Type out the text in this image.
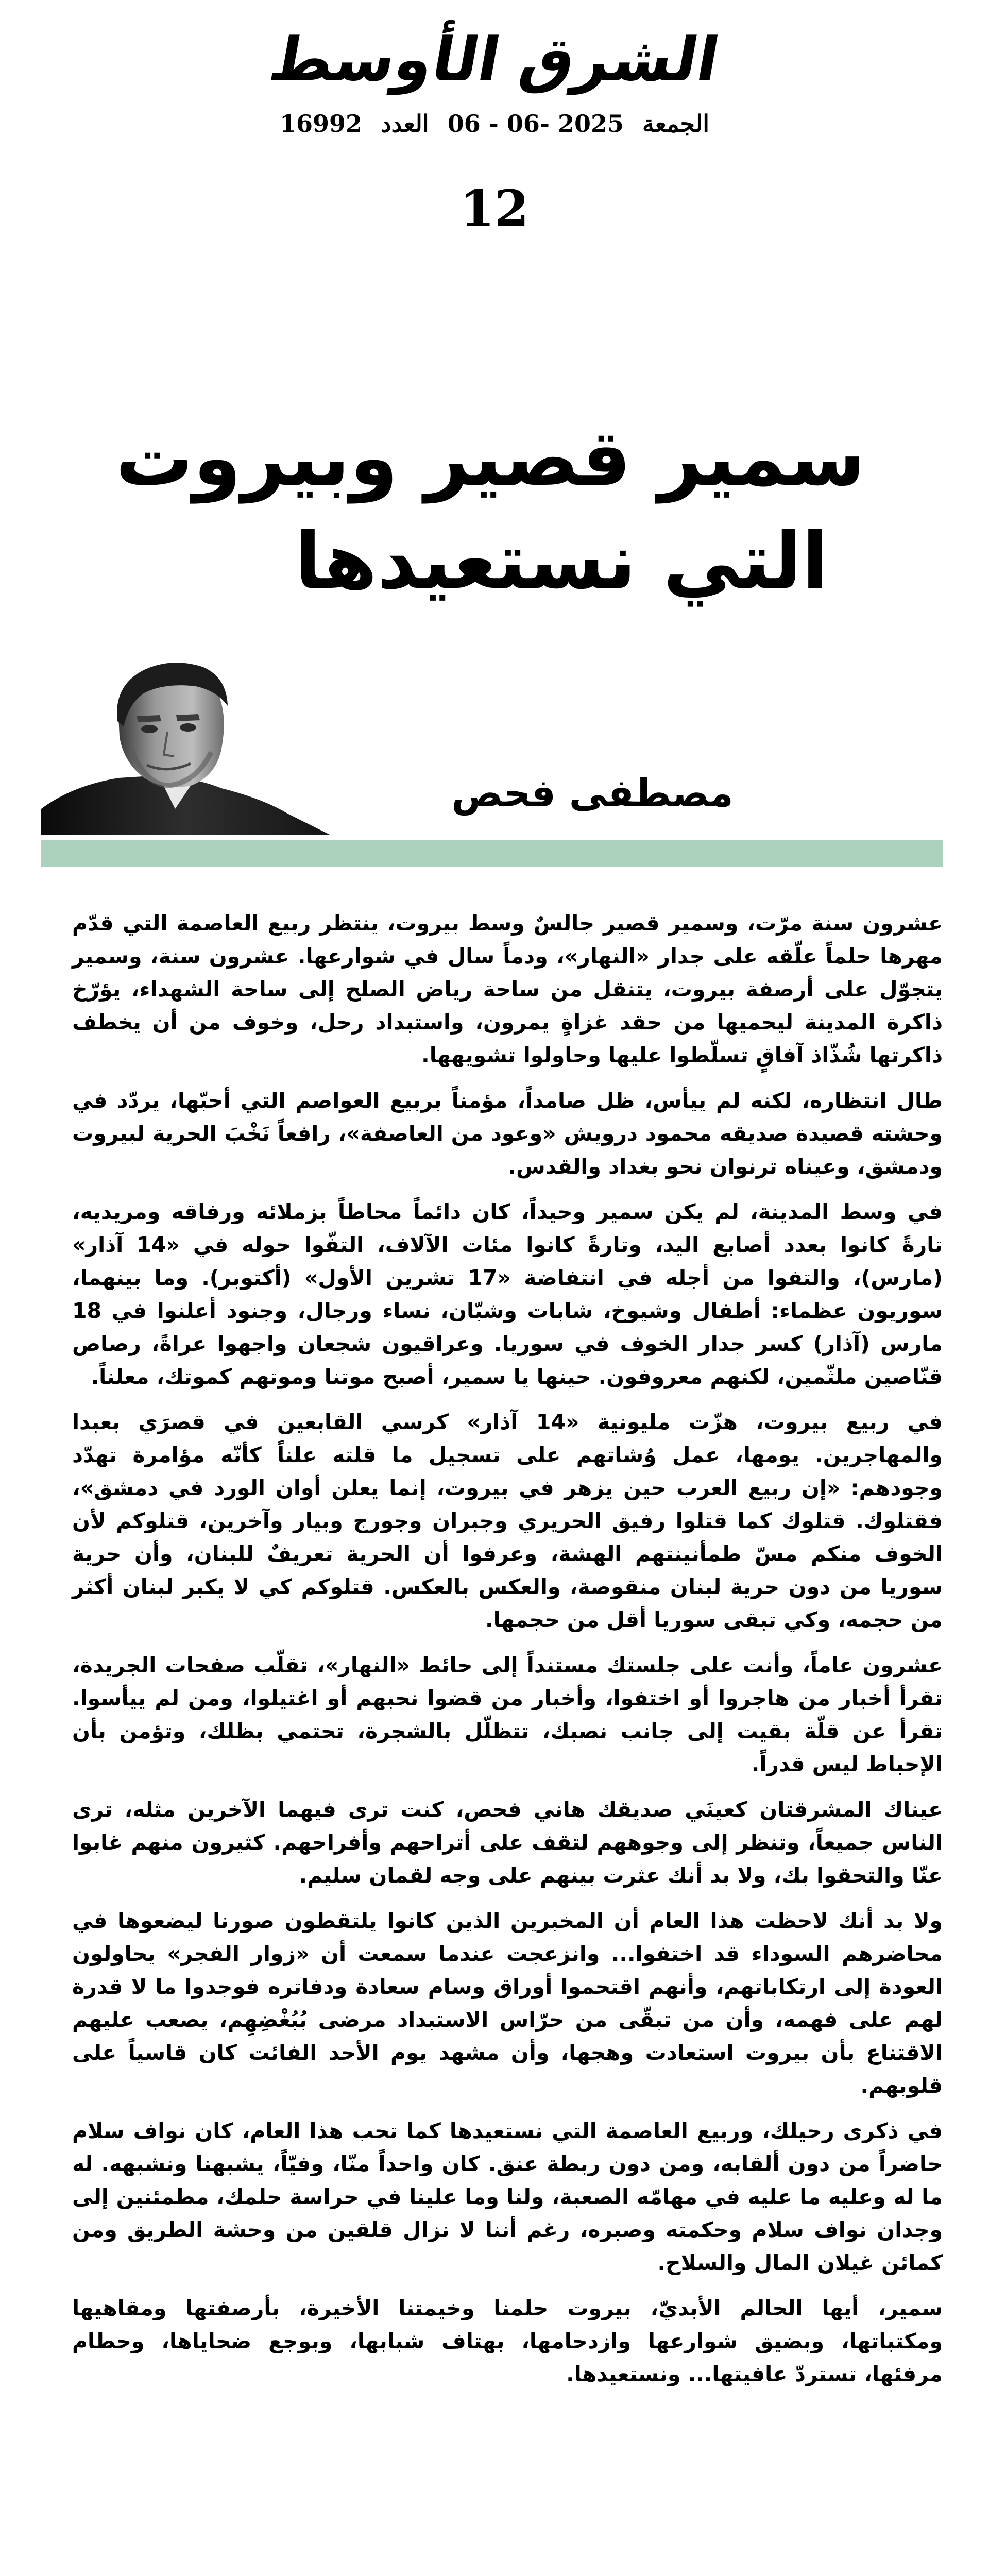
الشرق الأوسط
الجمعة 06 - 06- 2025 العدد 16992
12
سمير قصير وبيروت
التي نستعيدها
مصطفى فحص

عشرون سنة مرّت، وسمير قصير جالسٌ وسط بيروت، ينتظر ربيع العاصمة التي قدّم مهرها حلماً علّقه على جدار «النهار»، ودماً سال في شوارعها. عشرون سنة، وسمير يتجوّل على أرصفة بيروت، يتنقل من ساحة رياض الصلح إلى ساحة الشهداء، يؤرّخ ذاكرة المدينة ليحميها من حقد غزاةٍ يمرون، واستبداد رحل، وخوف من أن يخطف ذاكرتها شُذّاذ آفاقٍ تسلّطوا عليها وحاولوا تشويهها.

طال انتظاره، لكنه لم ييأس، ظل صامداً، مؤمناً بربيع العواصم التي أحبّها، يردّد في وحشته قصيدة صديقه محمود درويش «وعود من العاصفة»، رافعاً نَخْبَ الحرية لبيروت ودمشق، وعيناه ترنوان نحو بغداد والقدس.

في وسط المدينة، لم يكن سمير وحيداً، كان دائماً محاطاً بزملائه ورفاقه ومريديه، تارةً كانوا بعدد أصابع اليد، وتارةً كانوا مئات الآلاف، التفّوا حوله في «14 آذار» (مارس)، والتفوا من أجله في انتفاضة «17 تشرين الأول» (أكتوبر). وما بينهما، سوريون عظماء: أطفال وشيوخ، شابات وشبّان، نساء ورجال، وجنود أعلنوا في 18 مارس (آذار) كسر جدار الخوف في سوريا. وعراقيون شجعان واجهوا عراةً، رصاص قنّاصين ملثّمين، لكنهم معروفون. حينها يا سمير، أصبح موتنا وموتهم كموتك، معلناً.

في ربيع بيروت، هزّت مليونية «14 آذار» كرسي القابعين في قصرَي بعبدا والمهاجرين. يومها، عمل وُشاتهم على تسجيل ما قلته علناً كأنّه مؤامرة تهدّد وجودهم: «إن ربيع العرب حين يزهر في بيروت، إنما يعلن أوان الورد في دمشق»، فقتلوك. قتلوك كما قتلوا رفيق الحريري وجبران وجورج وبيار وآخرين، قتلوكم لأن الخوف منكم مسّ طمأنينتهم الهشة، وعرفوا أن الحرية تعريفٌ للبنان، وأن حرية سوريا من دون حرية لبنان منقوصة، والعكس بالعكس. قتلوكم كي لا يكبر لبنان أكثر من حجمه، وكي تبقى سوريا أقل من حجمها.

عشرون عاماً، وأنت على جلستك مستنداً إلى حائط «النهار»، تقلّب صفحات الجريدة، تقرأ أخبار من هاجروا أو اختفوا، وأخبار من قضوا نحبهم أو اغتيلوا، ومن لم ييأسوا. تقرأ عن قلّة بقيت إلى جانب نصبك، تتظلّل بالشجرة، تحتمي بظلك، وتؤمن بأن الإحباط ليس قدراً.

عيناك المشرقتان كعينَي صديقك هاني فحص، كنت ترى فيهما الآخرين مثله، ترى الناس جميعاً، وتنظر إلى وجوههم لتقف على أتراحهم وأفراحهم. كثيرون منهم غابوا عنّا والتحقوا بك، ولا بد أنك عثرت بينهم على وجه لقمان سليم.

ولا بد أنك لاحظت هذا العام أن المخبرين الذين كانوا يلتقطون صورنا ليضعوها في محاضرهم السوداء قد اختفوا... وانزعجت عندما سمعت أن «زوار الفجر» يحاولون العودة إلى ارتكاباتهم، وأنهم اقتحموا أوراق وسام سعادة ودفاتره فوجدوا ما لا قدرة لهم على فهمه، وأن من تبقّى من حرّاس الاستبداد مرضى بُبُغْضِهِم، يصعب عليهم الاقتناع بأن بيروت استعادت وهجها، وأن مشهد يوم الأحد الفائت كان قاسياً على قلوبهم.

في ذكرى رحيلك، وربيع العاصمة التي نستعيدها كما تحب هذا العام، كان نواف سلام حاضراً من دون ألقابه، ومن دون ربطة عنق. كان واحداً منّا، وفيّاً، يشبهنا ونشبهه. له ما له وعليه ما عليه في مهامّه الصعبة، ولنا وما علينا في حراسة حلمك، مطمئنين إلى وجدان نواف سلام وحكمته وصبره، رغم أننا لا نزال قلقين من وحشة الطريق ومن كمائن غيلان المال والسلاح.

سمير، أيها الحالم الأبديّ، بيروت حلمنا وخيمتنا الأخيرة، بأرصفتها ومقاهيها ومكتباتها، وبضيق شوارعها وازدحامها، بهتاف شبابها، وبوجع ضحاياها، وحطام مرفئها، تستردّ عافيتها... ونستعيدها.
